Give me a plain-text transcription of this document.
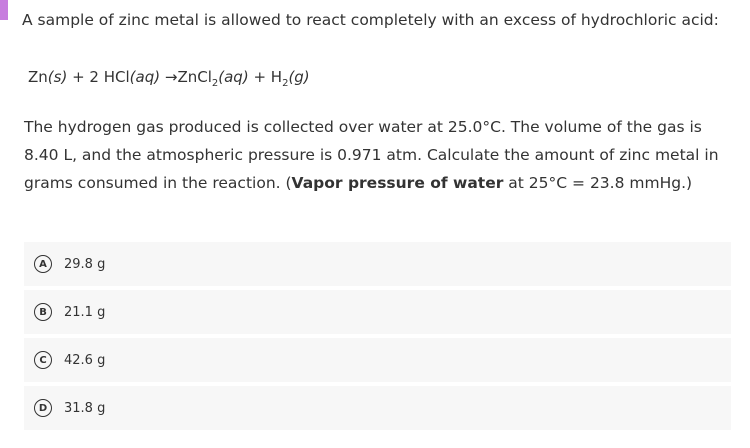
A sample of zinc metal is allowed to react completely with an excess of hydrochloric acid:
Zn(s) + 2 HCl(aq) →ZnCl$_2$(aq) + $H_2(g)$
The hydrogen gas produced is collected over water at 25.0°C. The volume of the gas is 8.40 L, and the atmospheric pressure is 0.971 atm. Calculate the amount of zinc metal in grams consumed in the reaction. (Vapor pressure of water at 25°C = 23.8 mmHg.)
A	29.8 g
B	21.1 g
C	42.6 g
D	31.8 g
